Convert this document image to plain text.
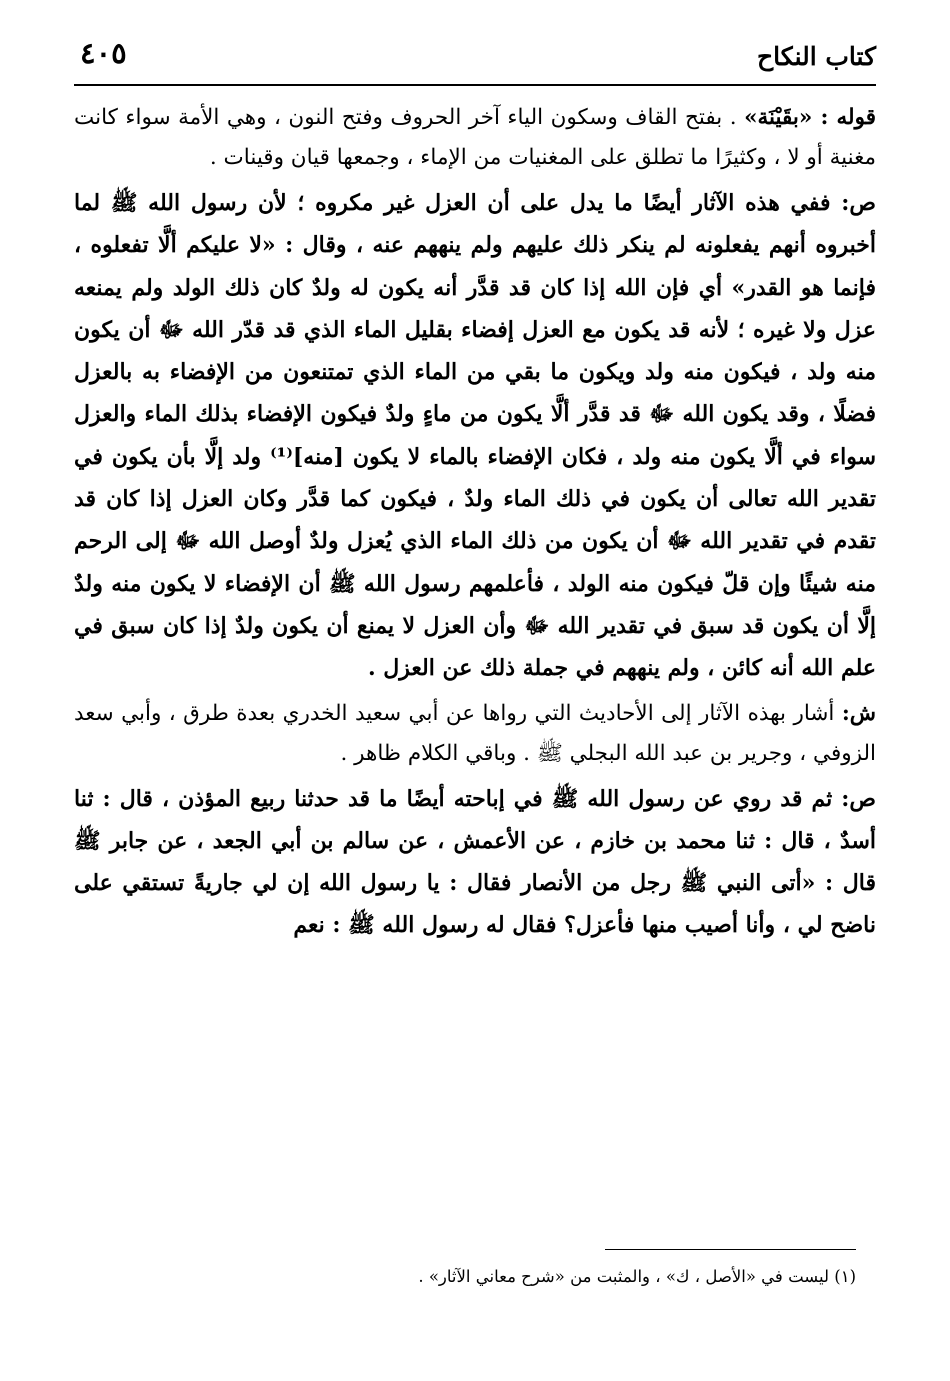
كتاب النكاح
٤٠٥

قوله : «بقَيْنَة» . بفتح القاف وسكون الياء آخر الحروف وفتح النون ، وهي الأمة سواء كانت مغنية أو لا ، وكثيرًا ما تطلق على المغنيات من الإماء ، وجمعها قيان وقينات .

ص: ففي هذه الآثار أيضًا ما يدل على أن العزل غير مكروه ؛ لأن رسول الله ﷺ لما أخبروه أنهم يفعلونه لم ينكر ذلك عليهم ولم ينههم عنه ، وقال : «لا عليكم ألَّا تفعلوه ، فإنما هو القدر» أي فإن الله إذا كان قد قدَّر أنه يكون له ولدٌ كان ذلك الولد ولم يمنعه عزل ولا غيره ؛ لأنه قد يكون مع العزل إفضاء بقليل الماء الذي قد قدّر الله ﷻ أن يكون منه ولد ، فيكون منه ولد ويكون ما بقي من الماء الذي تمتنعون من الإفضاء به بالعزل فضلًا ، وقد يكون الله ﷻ قد قدَّر ألَّا يكون من ماءٍ ولدٌ فيكون الإفضاء بذلك الماء والعزل سواء في ألَّا يكون منه ولد ، فكان الإفضاء بالماء لا يكون [منه]⁽¹⁾ ولد إلَّا بأن يكون في تقدير الله تعالى أن يكون في ذلك الماء ولدٌ ، فيكون كما قدَّر وكان العزل إذا كان قد تقدم في تقدير الله ﷻ أن يكون من ذلك الماء الذي يُعزل ولدٌ أوصل الله ﷻ إلى الرحم منه شيئًا وإن قلّ فيكون منه الولد ، فأعلمهم رسول الله ﷺ أن الإفضاء لا يكون منه ولدٌ إلَّا أن يكون قد سبق في تقدير الله ﷻ وأن العزل لا يمنع أن يكون ولدٌ إذا كان سبق في علم الله أنه كائن ، ولم ينههم في جملة ذلك عن العزل .

ش: أشار بهذه الآثار إلى الأحاديث التي رواها عن أبي سعيد الخدري بعدة طرق ، وأبي سعد الزوفي ، وجرير بن عبد الله البجلي ﷺ . وباقي الكلام ظاهر .

ص: ثم قد روي عن رسول الله ﷺ في إباحته أيضًا ما قد حدثنا ربيع المؤذن ، قال : ثنا أسدٌ ، قال : ثنا محمد بن خازم ، عن الأعمش ، عن سالم بن أبي الجعد ، عن جابر ﷺ قال : «أتى النبي ﷺ رجل من الأنصار فقال : يا رسول الله إن لي جاريةً تستقي على ناضح لي ، وأنا أصيب منها فأعزل؟ فقال له رسول الله ﷺ : نعم

(١) ليست في «الأصل ، ك» ، والمثبت من «شرح معاني الآثار» .
